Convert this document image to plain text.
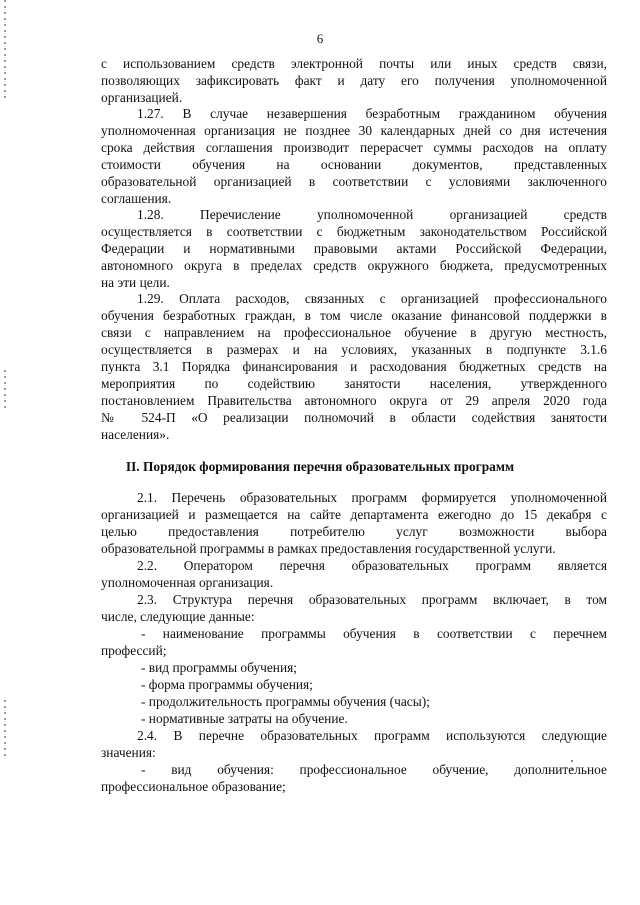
6
с использованием средств электронной почты или иных средств связи,
позволяющих зафиксировать факт и дату его получения уполномоченной
организацией.
1.27. В случае незавершения безработным гражданином обучения
уполномоченная организация не позднее 30 календарных дней со дня истечения
срока действия соглашения производит перерасчет суммы расходов на оплату
стоимости обучения на основании документов, представленных
образовательной организацией в соответствии с условиями заключенного
соглашения.
1.28. Перечисление уполномоченной организацией средств
осуществляется в соответствии с бюджетным законодательством Российской
Федерации и нормативными правовыми актами Российской Федерации,
автономного округа в пределах средств окружного бюджета, предусмотренных
на эти цели.
1.29. Оплата расходов, связанных с организацией профессионального
обучения безработных граждан, в том числе оказание финансовой поддержки в
связи с направлением на профессиональное обучение в другую местность,
осуществляется в размерах и на условиях, указанных в подпункте 3.1.6
пункта 3.1 Порядка финансирования и расходования бюджетных средств на
мероприятия по содействию занятости населения, утвержденного
постановлением Правительства автономного округа от 29 апреля 2020 года
№ 524-П «О реализации полномочий в области содействия занятости
населения».
II. Порядок формирования перечня образовательных программ
2.1. Перечень образовательных программ формируется уполномоченной
организацией и размещается на сайте департамента ежегодно до 15 декабря с
целью предоставления потребителю услуг возможности выбора
образовательной программы в рамках предоставления государственной услуги.
2.2. Оператором перечня образовательных программ является
уполномоченная организация.
2.3. Структура перечня образовательных программ включает, в том
числе, следующие данные:
- наименование программы обучения в соответствии с перечнем
профессий;
- вид программы обучения;
- форма программы обучения;
- продолжительность программы обучения (часы);
- нормативные затраты на обучение.
2.4. В перечне образовательных программ используются следующие
значения:
- вид обучения: профессиональное обучение, дополнительное
профессиональное образование;
